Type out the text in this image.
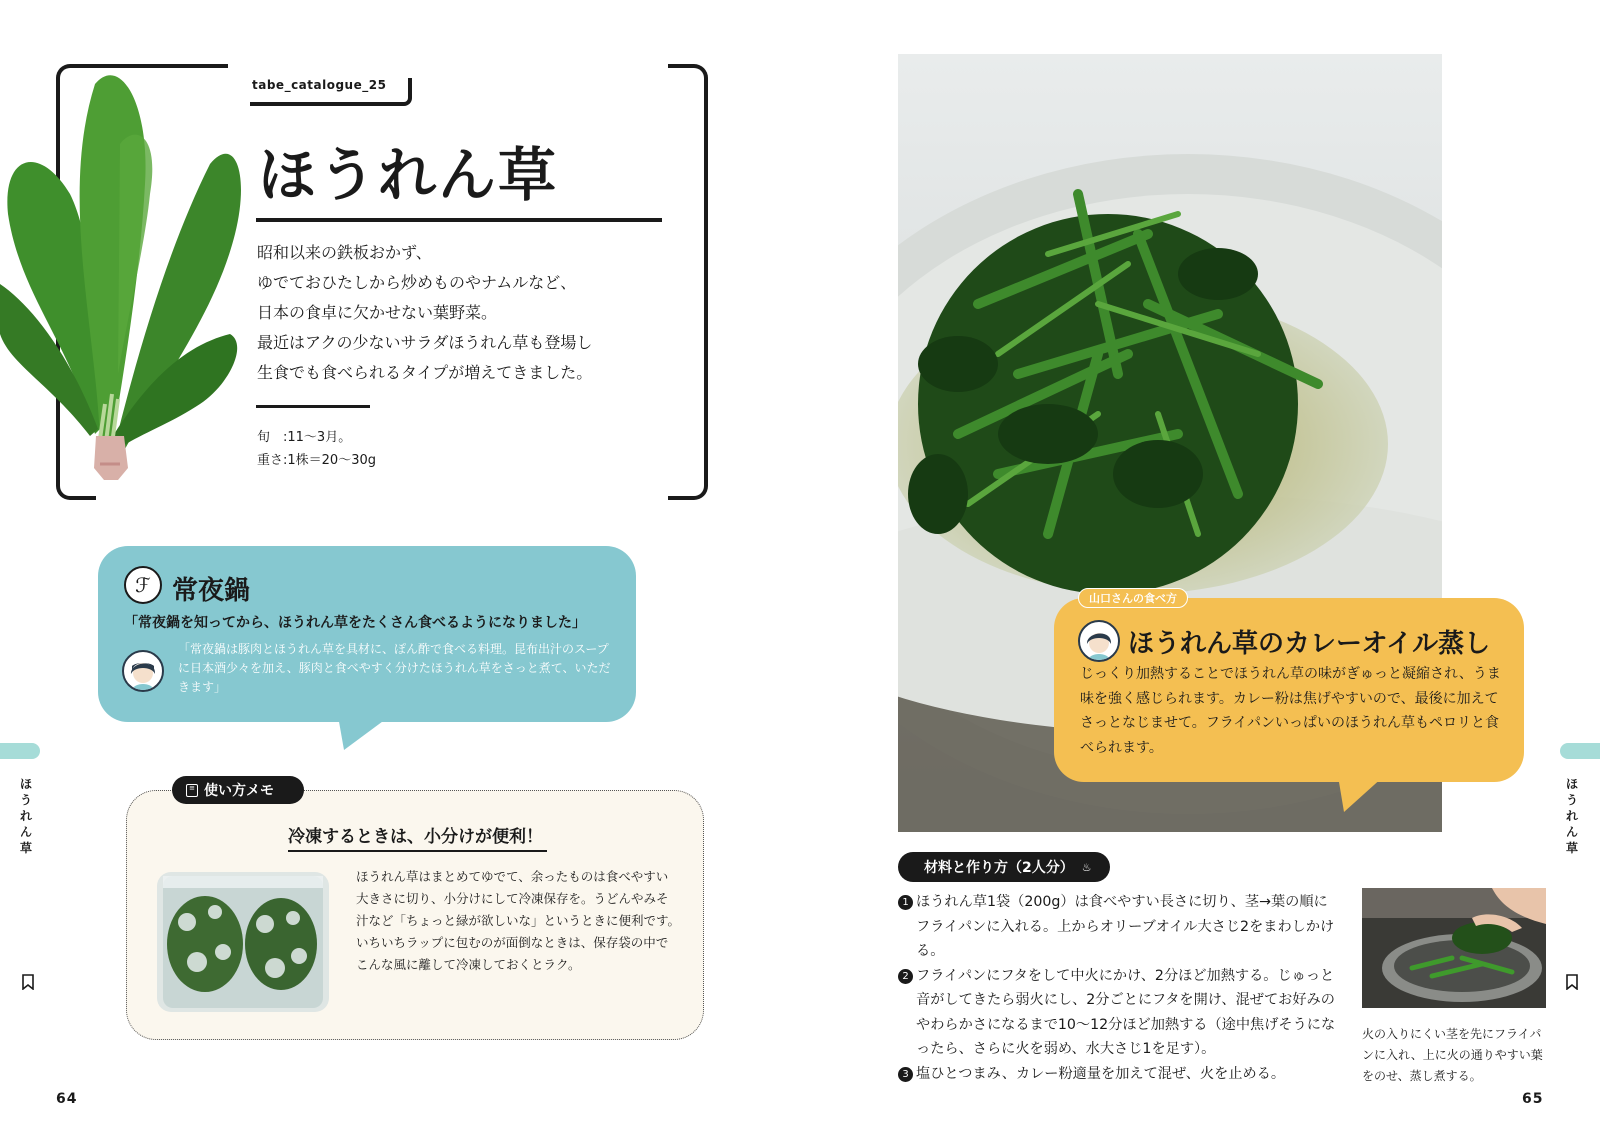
tabe_catalogue_25
ほうれん草
昭和以来の鉄板おかず、
ゆでておひたしから炒めものやナムルなど、
日本の食卓に欠かせない葉野菜。
最近はアクの少ないサラダほうれん草も登場し
生食でも食べられるタイプが増えてきました。
旬　:11〜3月。
重さ:1株＝20〜30g
ℱ 常夜鍋
「常夜鍋を知ってから、ほうれん草をたくさん食べるようになりました」
「常夜鍋は豚肉とほうれん草を具材に、ぽん酢で食べる料理。昆布出汁のスープに日本酒少々を加え、豚肉と食べやすく分けたほうれん草をさっと煮て、いただきます」
≡ 使い方メモ
冷凍するときは、小分けが便利！
ほうれん草はまとめてゆでて、余ったものは食べやすい大きさに切り、小分けにして冷凍保存を。うどんやみそ汁など「ちょっと緑が欲しいな」というときに便利です。いちいちラップに包むのが面倒なときは、保存袋の中でこんな風に離して冷凍しておくとラク。
ほうれん草
64
山口さんの食べ方
ほうれん草のカレーオイル蒸し
じっくり加熱することでほうれん草の味がぎゅっと凝縮され、うま味を強く感じられます。カレー粉は焦げやすいので、最後に加えてさっとなじませて。フライパンいっぱいのほうれん草もペロリと食べられます。
材料と作り方（2人分） ♨
1 ほうれん草1袋（200g）は食べやすい長さに切り、茎→葉の順にフライパンに入れる。上からオリーブオイル大さじ2をまわしかける。
2 フライパンにフタをして中火にかけ、2分ほど加熱する。じゅっと音がしてきたら弱火にし、2分ごとにフタを開け、混ぜてお好みのやわらかさになるまで10〜12分ほど加熱する（途中焦げそうになったら、さらに火を弱め、水大さじ1を足す）。
3 塩ひとつまみ、カレー粉適量を加えて混ぜ、火を止める。
火の入りにくい茎を先にフライパンに入れ、上に火の通りやすい葉をのせ、蒸し煮する。
ほうれん草
65
